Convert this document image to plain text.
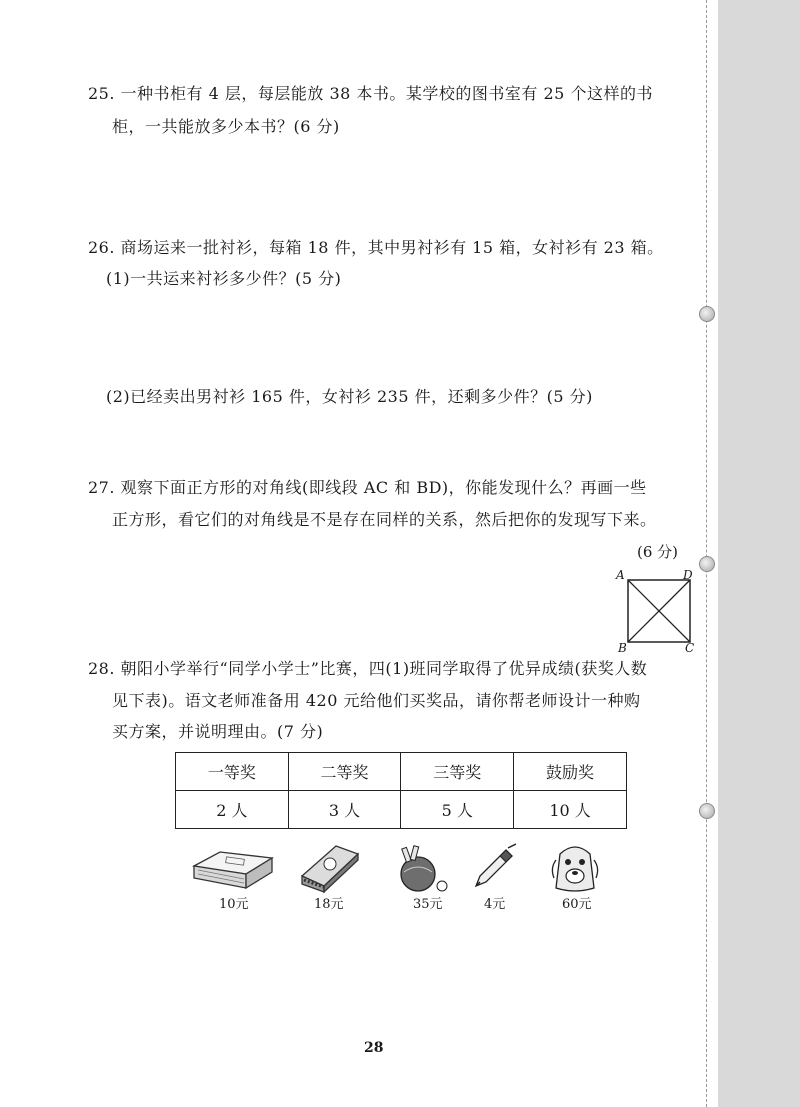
25. 一种书柜有 4 层，每层能放 38 本书。某学校的图书室有 25 个这样的书
柜，一共能放多少本书？(6 分)
26. 商场运来一批衬衫，每箱 18 件，其中男衬衫有 15 箱，女衬衫有 23 箱。
(1)一共运来衬衫多少件？(5 分)
(2)已经卖出男衬衫 165 件，女衬衫 235 件，还剩多少件？(5 分)
27. 观察下面正方形的对角线(即线段 AC 和 BD)，你能发现什么？再画一些
正方形，看它们的对角线是不是存在同样的关系，然后把你的发现写下来。
(6 分)
A	D
B	C
28. 朝阳小学举行“同学小学士”比赛，四(1)班同学取得了优异成绩(获奖人数
见下表)。语文老师准备用 420 元给他们买奖品，请你帮老师设计一种购
买方案，并说明理由。(7 分)
一等奖	二等奖	三等奖	鼓励奖
2 人	3 人	5 人	10 人
10元	18元	35元	4元	60元
28
